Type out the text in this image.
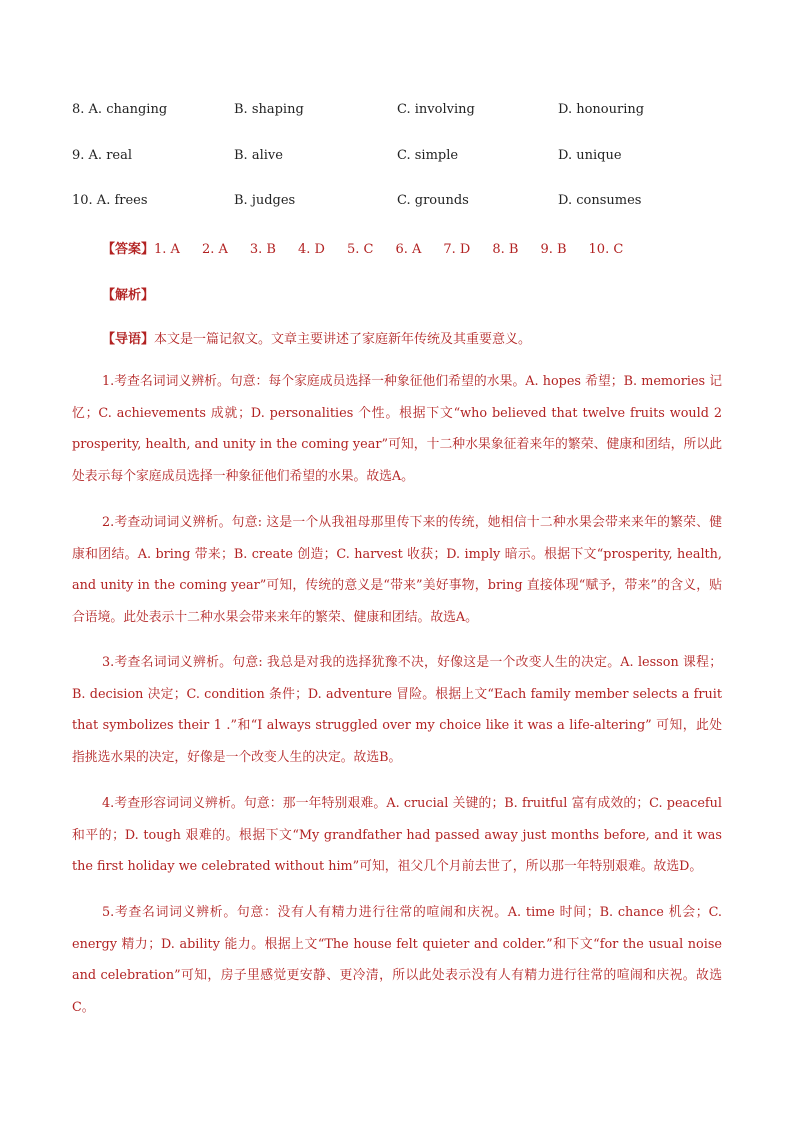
8. A. changing	B. shaping	C. involving	D. honouring
9. A. real	B. alive	C. simple	D. unique
10. A. frees	B. judges	C. grounds	D. consumes
【答案】1. A 2. A 3. B 4. D 5. C 6. A 7. D 8. B 9. B 10. C
【解析】
【导语】本文是一篇记叙文。文章主要讲述了家庭新年传统及其重要意义。
1.考查名词词义辨析。句意：每个家庭成员选择一种象征他们希望的水果。A. hopes 希望；B. memories 记忆；C. achievements 成就；D. personalities 个性。根据下文“who believed that twelve fruits would 2 prosperity, health, and unity in the coming year”可知，十二种水果象征着来年的繁荣、健康和团结，所以此处表示每个家庭成员选择一种象征他们希望的水果。故选A。
2.考查动词词义辨析。句意: 这是一个从我祖母那里传下来的传统，她相信十二种水果会带来来年的繁荣、健康和团结。A. bring 带来；B. create 创造；C. harvest 收获；D. imply 暗示。根据下文“prosperity, health, and unity in the coming year”可知，传统的意义是“带来”美好事物，bring 直接体现“赋予，带来”的含义，贴合语境。此处表示十二种水果会带来来年的繁荣、健康和团结。故选A。
3.考查名词词义辨析。句意: 我总是对我的选择犹豫不决，好像这是一个改变人生的决定。A. lesson 课程；B. decision 决定；C. condition 条件；D. adventure 冒险。根据上文“Each family member selects a fruit that symbolizes their 1 .”和“I always struggled over my choice like it was a life-altering” 可知，此处指挑选水果的决定，好像是一个改变人生的决定。故选B。
4.考查形容词词义辨析。句意：那一年特别艰难。A. crucial 关键的；B. fruitful 富有成效的；C. peaceful 和平的；D. tough 艰难的。根据下文“My grandfather had passed away just months before, and it was the first holiday we celebrated without him”可知，祖父几个月前去世了，所以那一年特别艰难。故选D。
5.考查名词词义辨析。句意：没有人有精力进行往常的喧闹和庆祝。A. time 时间；B. chance 机会；C. energy 精力；D. ability 能力。根据上文“The house felt quieter and colder.”和下文“for the usual noise and celebration”可知，房子里感觉更安静、更冷清，所以此处表示没有人有精力进行往常的喧闹和庆祝。故选C。
